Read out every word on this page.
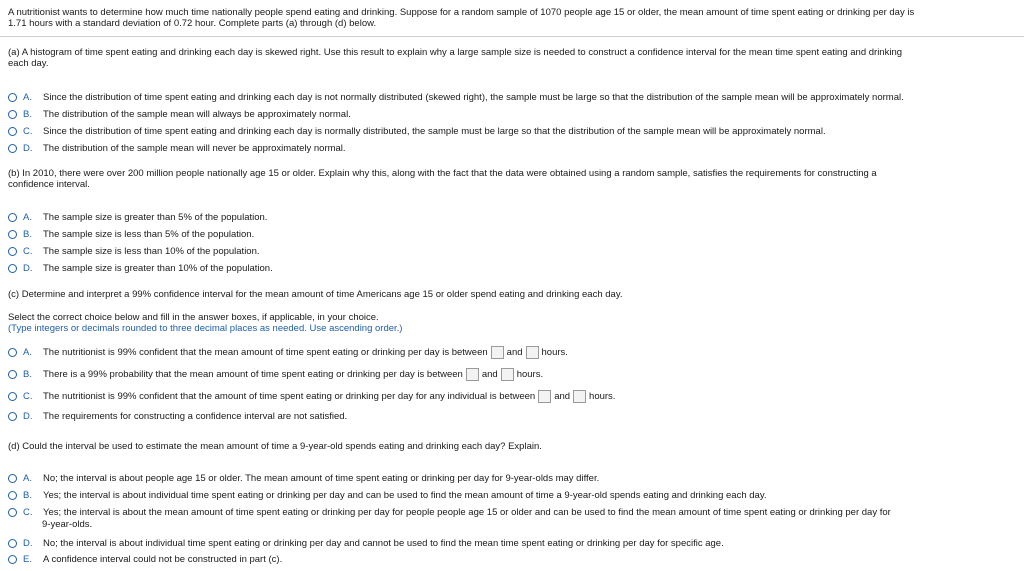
A nutritionist wants to determine how much time nationally people spend eating and drinking. Suppose for a random sample of 1070 people age 15 or older, the mean amount of time spent eating or drinking per day is
1.71 hours with a standard deviation of 0.72 hour. Complete parts (a) through (d) below.
(a) A histogram of time spent eating and drinking each day is skewed right. Use this result to explain why a large sample size is needed to construct a confidence interval for the mean time spent eating and drinking
each day.
A.	Since the distribution of time spent eating and drinking each day is not normally distributed (skewed right), the sample must be large so that the distribution of the sample mean will be approximately normal.
B.	The distribution of the sample mean will always be approximately normal.
C.	Since the distribution of time spent eating and drinking each day is normally distributed, the sample must be large so that the distribution of the sample mean will be approximately normal.
D.	The distribution of the sample mean will never be approximately normal.
(b) In 2010, there were over 200 million people nationally age 15 or older. Explain why this, along with the fact that the data were obtained using a random sample, satisfies the requirements for constructing a
confidence interval.
A.	The sample size is greater than 5% of the population.
B.	The sample size is less than 5% of the population.
C.	The sample size is less than 10% of the population.
D.	The sample size is greater than 10% of the population.
(c) Determine and interpret a 99% confidence interval for the mean amount of time Americans age 15 or older spend eating and drinking each day.
Select the correct choice below and fill in the answer boxes, if applicable, in your choice.
(Type integers or decimals rounded to three decimal places as needed. Use ascending order.)
A.	The nutritionist is 99% confident that the mean amount of time spent eating or drinking per day is between and hours.
B.	There is a 99% probability that the mean amount of time spent eating or drinking per day is between and hours.
C.	The nutritionist is 99% confident that the amount of time spent eating or drinking per day for any individual is between and hours.
D.	The requirements for constructing a confidence interval are not satisfied.
(d) Could the interval be used to estimate the mean amount of time a 9-year-old spends eating and drinking each day? Explain.
A.	No; the interval is about people age 15 or older. The mean amount of time spent eating or drinking per day for 9-year-olds may differ.
B.	Yes; the interval is about individual time spent eating or drinking per day and can be used to find the mean amount of time a 9-year-old spends eating and drinking each day.
C.	Yes; the interval is about the mean amount of time spent eating or drinking per day for people people age 15 or older and can be used to find the mean amount of time spent eating or drinking per day for
9-year-olds.
D.	No; the interval is about individual time spent eating or drinking per day and cannot be used to find the mean time spent eating or drinking per day for specific age.
E.	A confidence interval could not be constructed in part (c).
